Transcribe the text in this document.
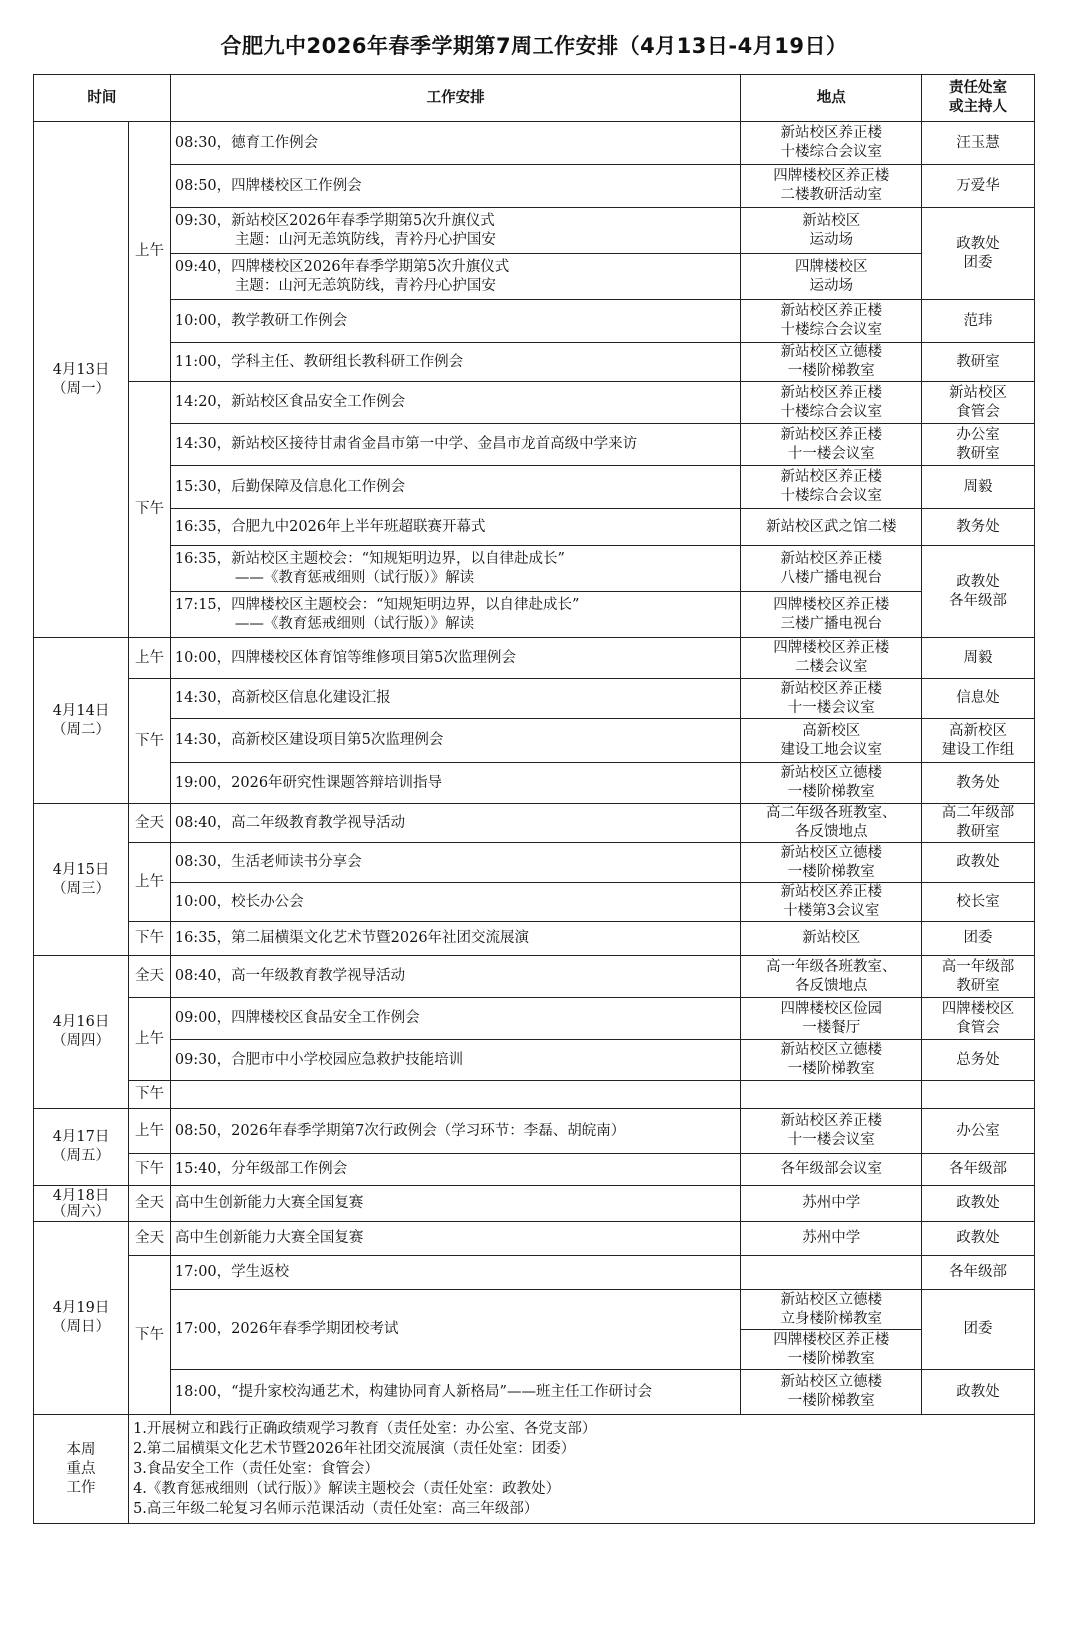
合肥九中2026年春季学期第7周工作安排（4月13日-4月19日）
时间		工作安排	地点	责任处室
或主持人

4月13日
（周一）	上午	08:30，德育工作例会	新站校区养正楼
十楼综合会议室	汪玉慧

		08:50，四牌楼校区工作例会	四牌楼校区养正楼
二楼教研活动室	万爱华

		09:30，新站校区2026年春季学期第5次升旗仪式
主题：山河无恙筑防线，青衿丹心护国安	新站校区
运动场	政教处
团委

		09:40，四牌楼校区2026年春季学期第5次升旗仪式
主题：山河无恙筑防线，青衿丹心护国安	四牌楼校区
运动场	

		10:00，教学教研工作例会	新站校区养正楼
十楼综合会议室	范玮

		11:00，学科主任、教研组长教科研工作例会	新站校区立德楼
一楼阶梯教室	教研室

	下午	14:20，新站校区食品安全工作例会	新站校区养正楼
十楼综合会议室	新站校区
食管会

		14:30，新站校区接待甘肃省金昌市第一中学、金昌市龙首高级中学来访	新站校区养正楼
十一楼会议室	办公室
教研室

		15:30，后勤保障及信息化工作例会	新站校区养正楼
十楼综合会议室	周毅

		16:35，合肥九中2026年上半年班超联赛开幕式	新站校区武之馆二楼	教务处

		16:35，新站校区主题校会：“知规矩明边界，以自律赴成长”
——《教育惩戒细则（试行版）》解读	新站校区养正楼
八楼广播电视台	政教处
各年级部

		17:15，四牌楼校区主题校会：“知规矩明边界，以自律赴成长”
——《教育惩戒细则（试行版）》解读	四牌楼校区养正楼
三楼广播电视台	

4月14日
（周二）	上午	10:00，四牌楼校区体育馆等维修项目第5次监理例会	四牌楼校区养正楼
二楼会议室	周毅

	下午	14:30，高新校区信息化建设汇报	新站校区养正楼
十一楼会议室	信息处

		14:30，高新校区建设项目第5次监理例会	高新校区
建设工地会议室	高新校区
建设工作组

		19:00，2026年研究性课题答辩培训指导	新站校区立德楼
一楼阶梯教室	教务处

4月15日
（周三）	全天	08:40，高二年级教育教学视导活动	高二年级各班教室、
各反馈地点	高二年级部
教研室

	上午	08:30，生活老师读书分享会	新站校区立德楼
一楼阶梯教室	政教处

		10:00，校长办公会	新站校区养正楼
十楼第3会议室	校长室

	下午	16:35，第二届横渠文化艺术节暨2026年社团交流展演	新站校区	团委

4月16日
（周四）	全天	08:40，高一年级教育教学视导活动	高一年级各班教室、
各反馈地点	高一年级部
教研室

	上午	09:00，四牌楼校区食品安全工作例会	四牌楼校区俭园
一楼餐厅	四牌楼校区
食管会

		09:30，合肥市中小学校园应急救护技能培训	新站校区立德楼
一楼阶梯教室	总务处

	下午		

4月17日
（周五）	上午	08:50，2026年春季学期第7次行政例会（学习环节：李磊、胡皖南）	新站校区养正楼
十一楼会议室	办公室

	下午	15:40，分年级部工作例会	各年级部会议室	各年级部

4月18日
（周六）	全天	高中生创新能力大赛全国复赛	苏州中学	政教处

4月19日
（周日）	全天	高中生创新能力大赛全国复赛	苏州中学	政教处

	下午	17:00，学生返校		各年级部

		17:00，2026年春季学期团校考试	新站校区立德楼
立身楼阶梯教室	团委

			四牌楼校区养正楼
一楼阶梯教室	

		18:00，“提升家校沟通艺术，构建协同育人新格局”——班主任工作研讨会	新站校区立德楼
一楼阶梯教室	政教处

本周
重点
工作	1.开展树立和践行正确政绩观学习教育（责任处室：办公室、各党支部）
2.第二届横渠文化艺术节暨2026年社团交流展演（责任处室：团委）
3.食品安全工作（责任处室：食管会）
4.《教育惩戒细则（试行版）》解读主题校会（责任处室：政教处）
5.高三年级二轮复习名师示范课活动（责任处室：高三年级部）			
